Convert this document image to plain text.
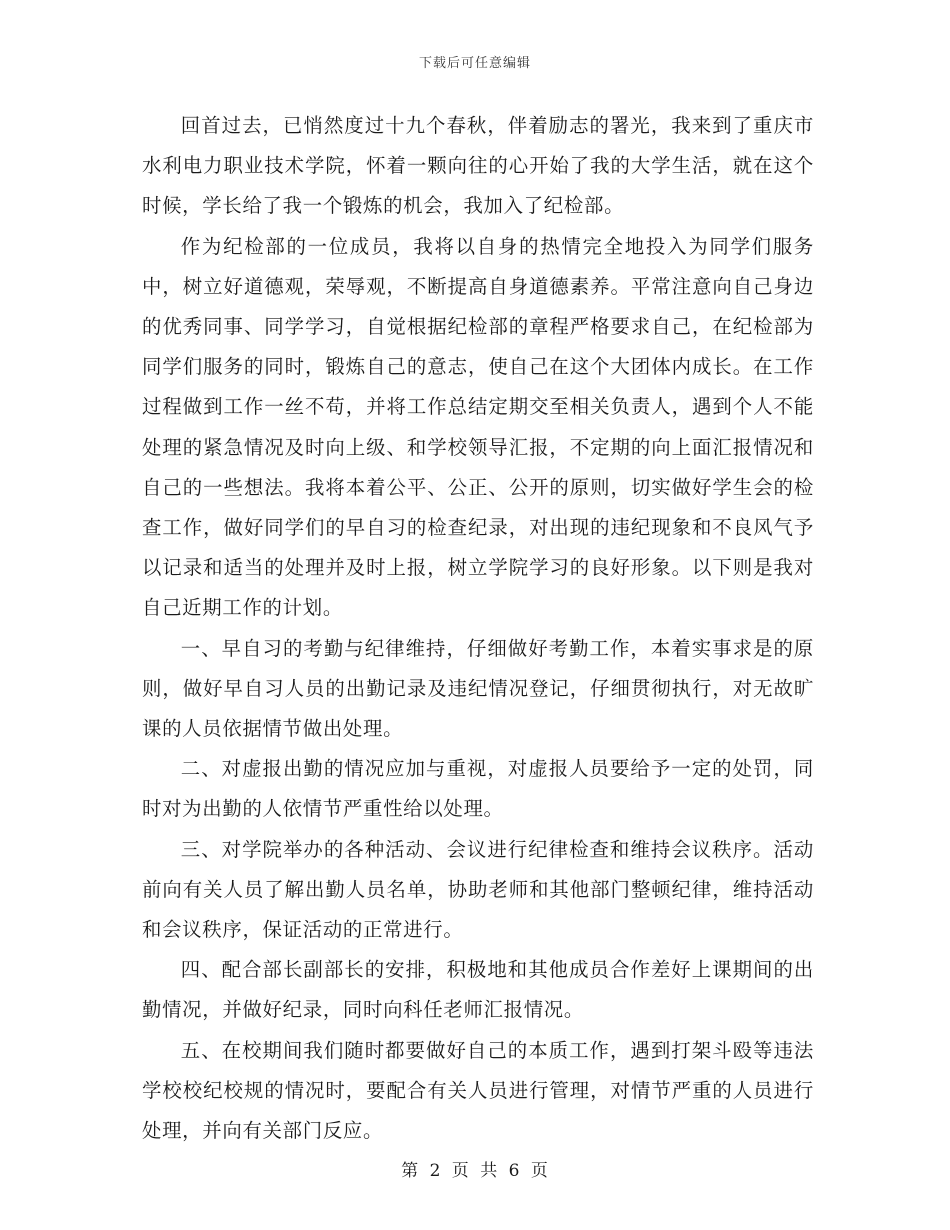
下载后可任意编辑

回首过去，已悄然度过十九个春秋，伴着励志的署光，我来到了重庆市水利电力职业技术学院，怀着一颗向往的心开始了我的大学生活，就在这个时候，学长给了我一个锻炼的机会，我加入了纪检部。

作为纪检部的一位成员，我将以自身的热情完全地投入为同学们服务中，树立好道德观，荣辱观，不断提高自身道德素养。平常注意向自己身边的优秀同事、同学学习，自觉根据纪检部的章程严格要求自己，在纪检部为同学们服务的同时，锻炼自己的意志，使自己在这个大团体内成长。在工作过程做到工作一丝不苟，并将工作总结定期交至相关负责人，遇到个人不能处理的紧急情况及时向上级、和学校领导汇报，不定期的向上面汇报情况和自己的一些想法。我将本着公平、公正、公开的原则，切实做好学生会的检查工作，做好同学们的早自习的检查纪录，对出现的违纪现象和不良风气予以记录和适当的处理并及时上报，树立学院学习的良好形象。以下则是我对自己近期工作的计划。

一、早自习的考勤与纪律维持，仔细做好考勤工作，本着实事求是的原则，做好早自习人员的出勤记录及违纪情况登记，仔细贯彻执行，对无故旷课的人员依据情节做出处理。

二、对虚报出勤的情况应加与重视，对虚报人员要给予一定的处罚，同时对为出勤的人依情节严重性给以处理。

三、对学院举办的各种活动、会议进行纪律检查和维持会议秩序。活动前向有关人员了解出勤人员名单，协助老师和其他部门整顿纪律，维持活动和会议秩序，保证活动的正常进行。

四、配合部长副部长的安排，积极地和其他成员合作差好上课期间的出勤情况，并做好纪录，同时向科任老师汇报情况。

五、在校期间我们随时都要做好自己的本质工作，遇到打架斗殴等违法学校校纪校规的情况时，要配合有关人员进行管理，对情节严重的人员进行处理，并向有关部门反应。

第 2 页 共 6 页
